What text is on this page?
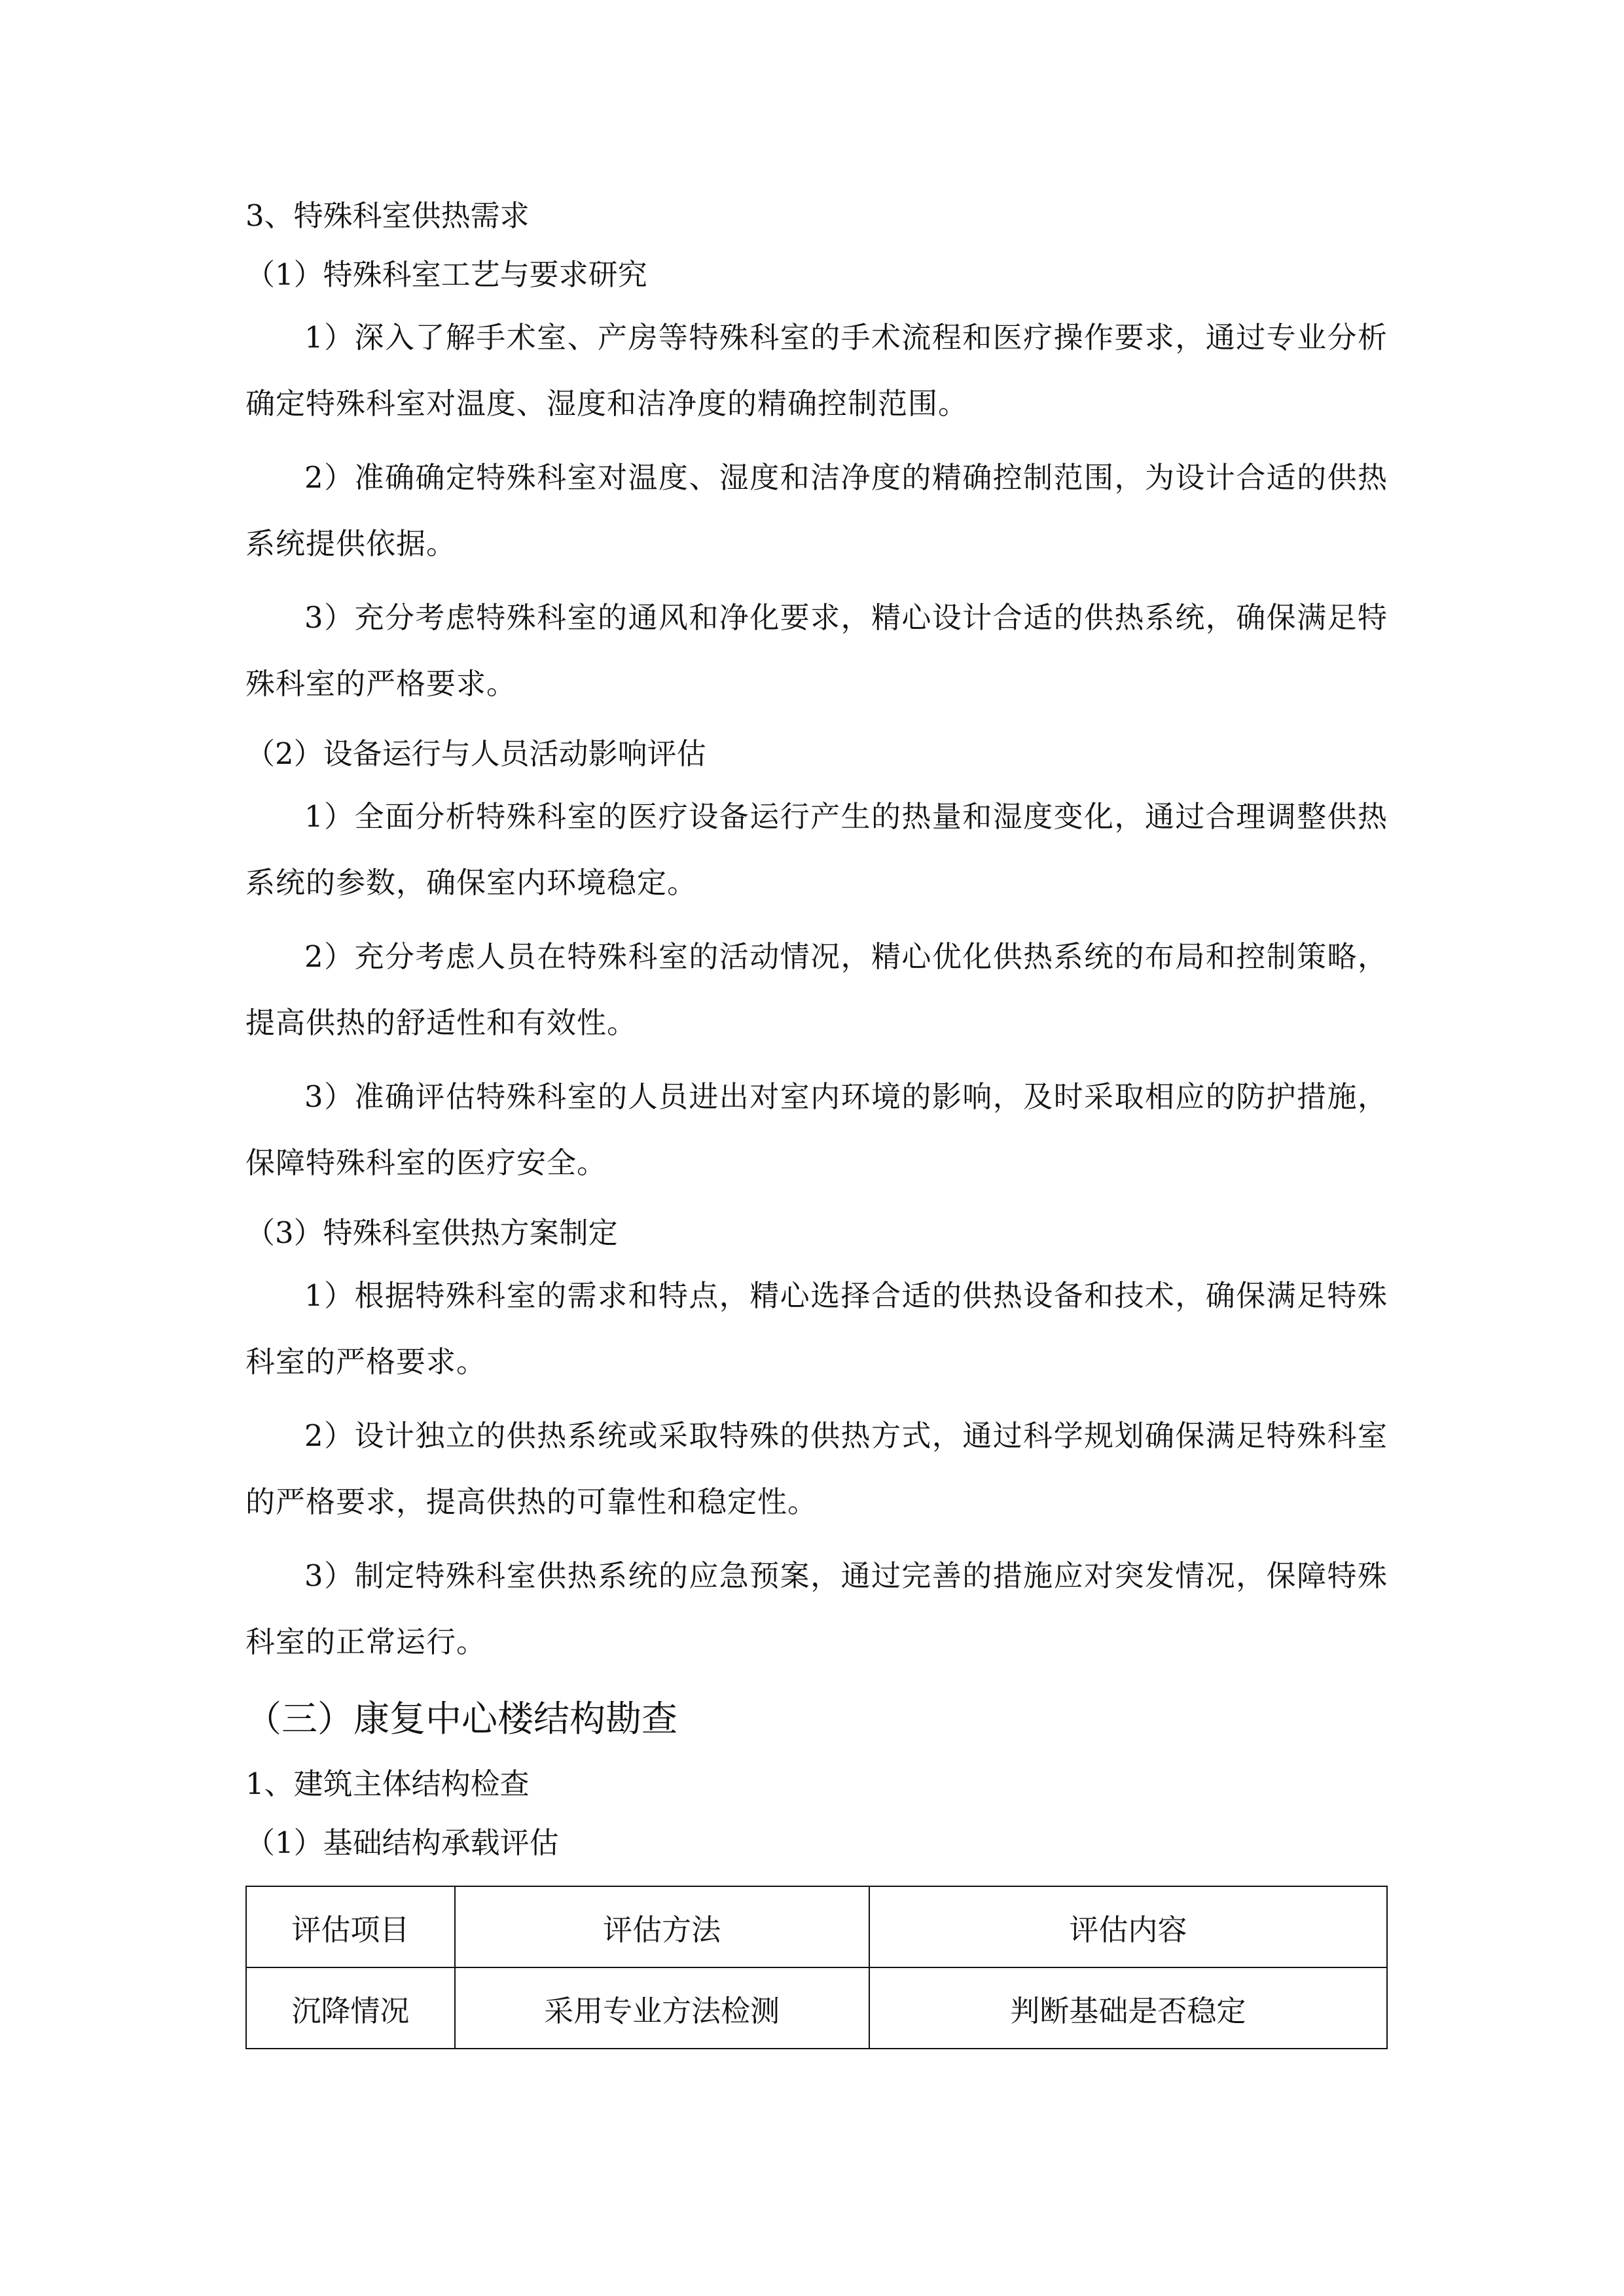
3、特殊科室供热需求

（1）特殊科室工艺与要求研究

1）深入了解手术室、产房等特殊科室的手术流程和医疗操作要求，通过专业分析确定特殊科室对温度、湿度和洁净度的精确控制范围。

2）准确确定特殊科室对温度、湿度和洁净度的精确控制范围，为设计合适的供热系统提供依据。

3）充分考虑特殊科室的通风和净化要求，精心设计合适的供热系统，确保满足特殊科室的严格要求。

（2）设备运行与人员活动影响评估

1）全面分析特殊科室的医疗设备运行产生的热量和湿度变化，通过合理调整供热系统的参数，确保室内环境稳定。

2）充分考虑人员在特殊科室的活动情况，精心优化供热系统的布局和控制策略，提高供热的舒适性和有效性。

3）准确评估特殊科室的人员进出对室内环境的影响，及时采取相应的防护措施，保障特殊科室的医疗安全。

（3）特殊科室供热方案制定

1）根据特殊科室的需求和特点，精心选择合适的供热设备和技术，确保满足特殊科室的严格要求。

2）设计独立的供热系统或采取特殊的供热方式，通过科学规划确保满足特殊科室的严格要求，提高供热的可靠性和稳定性。

3）制定特殊科室供热系统的应急预案，通过完善的措施应对突发情况，保障特殊科室的正常运行。

（三）康复中心楼结构勘查

1、建筑主体结构检查

（1）基础结构承载评估

评估项目	评估方法	评估内容
沉降情况	采用专业方法检测	判断基础是否稳定
